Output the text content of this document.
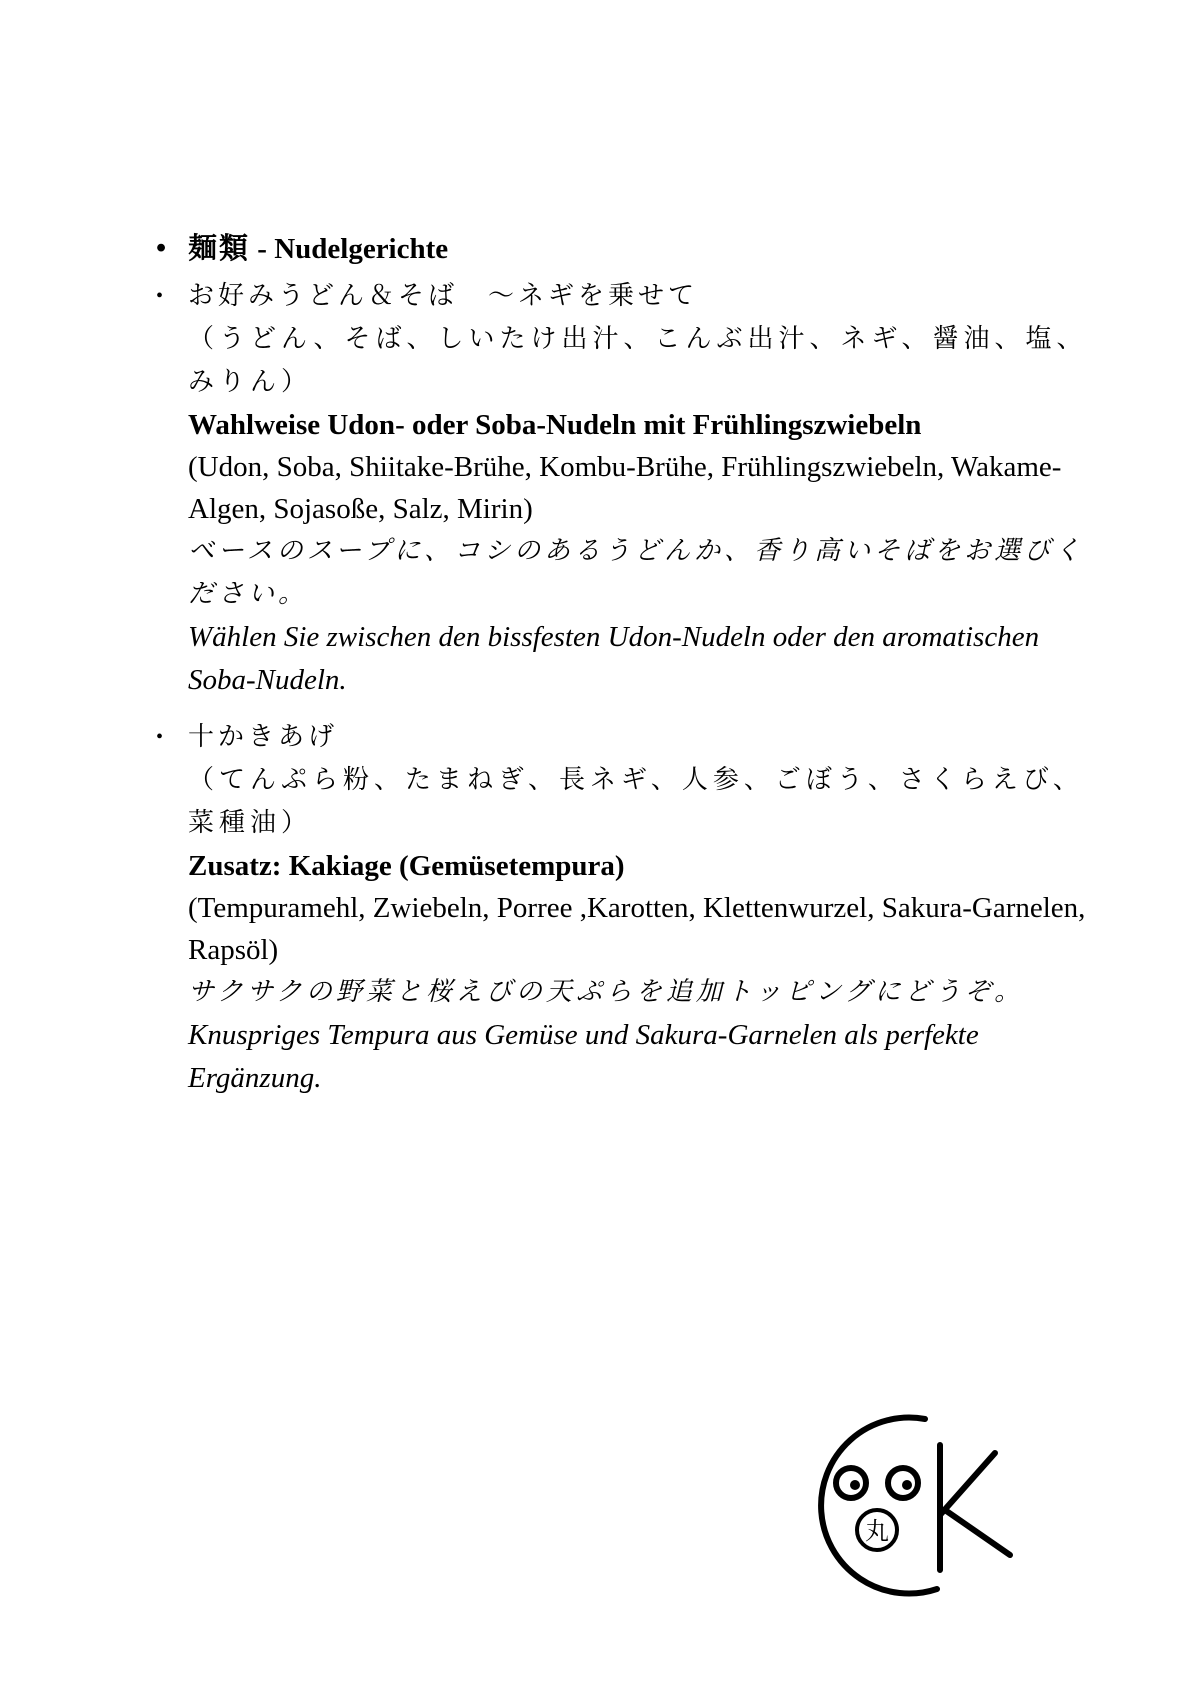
• 麺類 - Nudelgerichte
• お好みうどん＆そば　〜ネギを乗せて
（うどん、そば、しいたけ出汁、こんぶ出汁、ネギ、醤油、塩、みりん）
Wahlweise Udon- oder Soba-Nudeln mit Frühlingszwiebeln
(Udon, Soba, Shiitake-Brühe, Kombu-Brühe, Frühlingszwiebeln, Wakame-Algen, Sojasoße, Salz, Mirin)
ベースのスープに、コシのあるうどんか、香り高いそばをお選びください。
Wählen Sie zwischen den bissfesten Udon-Nudeln oder den aromatischen Soba-Nudeln.
• 十かきあげ
（てんぷら粉、たまねぎ、長ネギ、人参、ごぼう、さくらえび、菜種油）
Zusatz: Kakiage (Gemüsetempura)
(Tempuramehl, Zwiebeln, Porree ,Karotten, Klettenwurzel, Sakura-Garnelen, Rapsöl)
サクサクの野菜と桜えびの天ぷらを追加トッピングにどうぞ。
Knuspriges Tempura aus Gemüse und Sakura-Garnelen als perfekte Ergänzung.
丸
